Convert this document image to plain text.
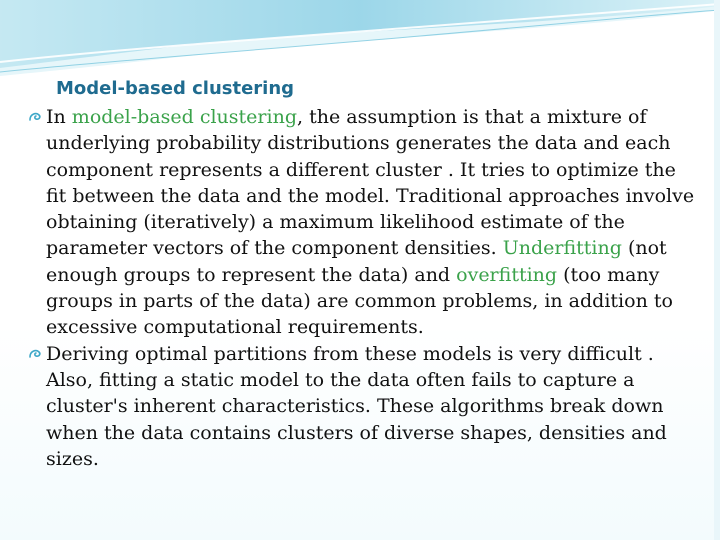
Model-based clustering
In model-based clustering, the assumption is that a mixture of underlying probability distributions generates the data and each component represents a different cluster . It tries to optimize the fit between the data and the model. Traditional approaches involve obtaining (iteratively) a maximum likelihood estimate of the parameter vectors of the component densities. Underfitting (not enough groups to represent the data) and overfitting (too many groups in parts of the data) are common problems, in addition to excessive computational requirements.
Deriving optimal partitions from these models is very difficult . Also, fitting a static model to the data often fails to capture a cluster's inherent characteristics. These algorithms break down when the data contains clusters of diverse shapes, densities and sizes.
